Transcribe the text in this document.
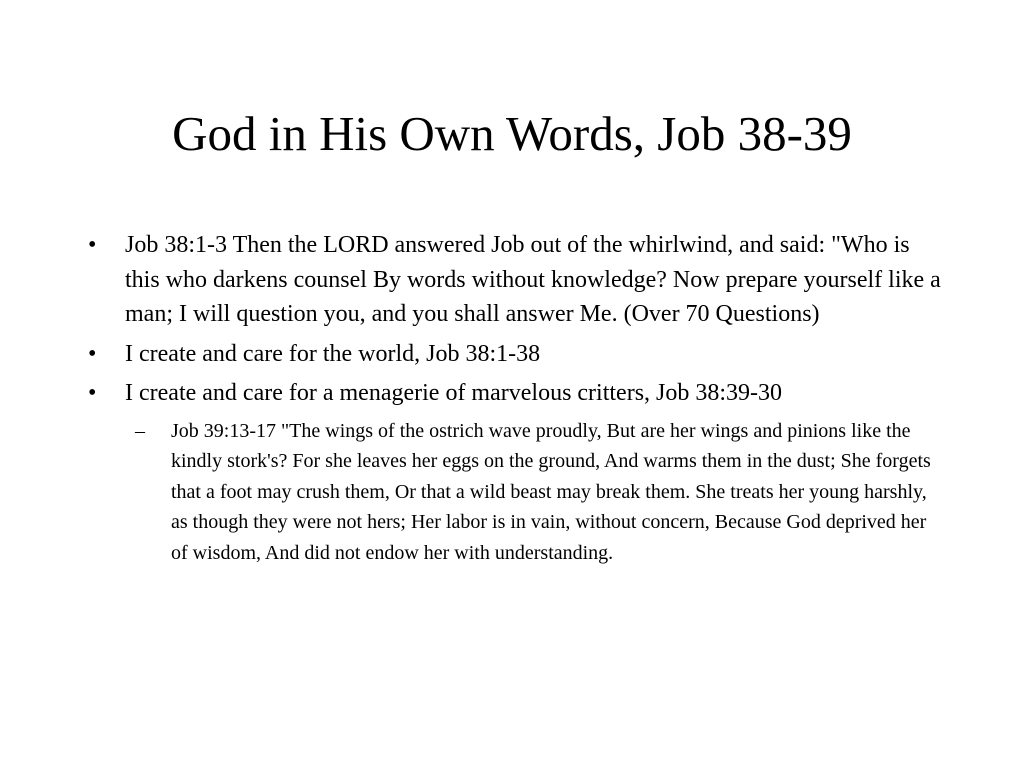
God in His Own Words, Job 38-39
•	Job 38:1-3 Then the LORD answered Job out of the whirlwind, and said: "Who is this who darkens counsel By words without knowledge? Now prepare yourself like a man; I will question you, and you shall answer Me. (Over 70 Questions)
•	I create and care for the world, Job 38:1-38
•	I create and care for a menagerie of marvelous critters, Job 38:39-30
– Job 39:13-17 "The wings of the ostrich wave proudly, But are her wings and pinions like the kindly stork's? For she leaves her eggs on the ground, And warms them in the dust; She forgets that a foot may crush them, Or that a wild beast may break them. She treats her young harshly, as though they were not hers; Her labor is in vain, without concern, Because God deprived her of wisdom, And did not endow her with understanding.
